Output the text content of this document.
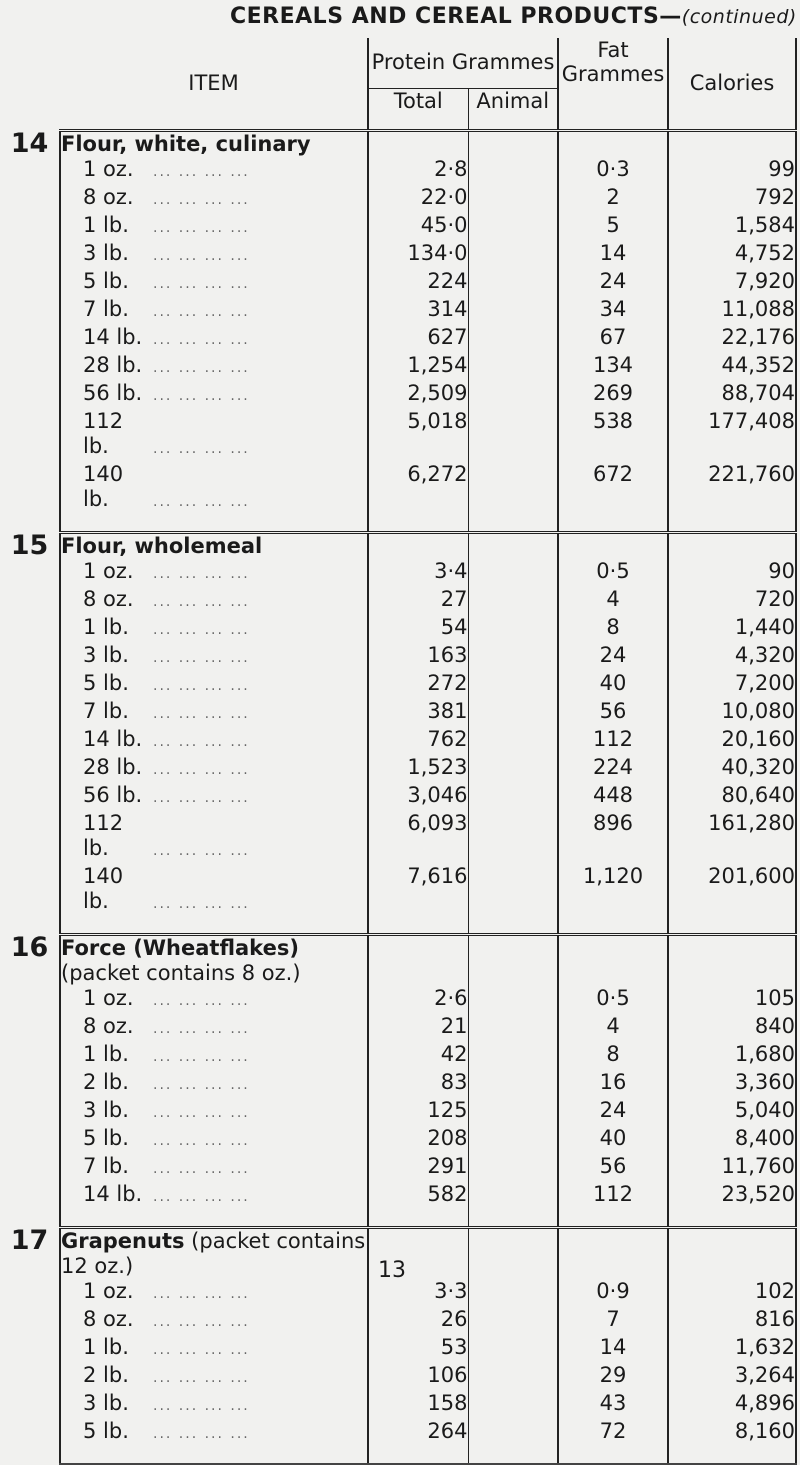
CEREALS AND CEREAL PRODUCTS—(continued)
	ITEM	Protein Grammes		Fat
Grammes	Calories
		Total	Animal		
14	Flour, white, culinary				
	1 oz. ... ... ... ...	2·8		0·3	99
	8 oz. ... ... ... ...	22·0		2	792
	1 lb. ... ... ... ...	45·0		5	1,584
	3 lb. ... ... ... ...	134·0		14	4,752
	5 lb. ... ... ... ...	224		24	7,920
	7 lb. ... ... ... ...	314		34	11,088
	14 lb. ... ... ... ...	627		67	22,176
	28 lb. ... ... ... ...	1,254		134	44,352
	56 lb. ... ... ... ...	2,509		269	88,704
	112 lb. ... ... ... ...	5,018		538	177,408
	140 lb. ... ... ... ...	6,272		672	221,760

15	Flour, wholemeal				
	1 oz. ... ... ... ...	3·4		0·5	90
	8 oz. ... ... ... ...	27		4	720
	1 lb. ... ... ... ...	54		8	1,440
	3 lb. ... ... ... ...	163		24	4,320
	5 lb. ... ... ... ...	272		40	7,200
	7 lb. ... ... ... ...	381		56	10,080
	14 lb. ... ... ... ...	762		112	20,160
	28 lb. ... ... ... ...	1,523		224	40,320
	56 lb. ... ... ... ...	3,046		448	80,640
	112 lb. ... ... ... ...	6,093		896	161,280
	140 lb. ... ... ... ...	7,616		1,120	201,600

16	Force (Wheatflakes) (packet contains 8 oz.)				
	1 oz. ... ... ... ...	2·6		0·5	105
	8 oz. ... ... ... ...	21		4	840
	1 lb. ... ... ... ...	42		8	1,680
	2 lb. ... ... ... ...	83		16	3,360
	3 lb. ... ... ... ...	125		24	5,040
	5 lb. ... ... ... ...	208		40	8,400
	7 lb. ... ... ... ...	291		56	11,760
	14 lb. ... ... ... ...	582		112	23,520

17	Grapenuts (packet contains 12 oz.)				
	1 oz. ... ... ... ...	3·3		0·9	102
	8 oz. ... ... ... ...	26		7	816
	1 lb. ... ... ... ...	53		14	1,632
	2 lb. ... ... ... ...	106		29	3,264
	3 lb. ... ... ... ...	158		43	4,896
	5 lb. ... ... ... ...	264		72	8,160

13
